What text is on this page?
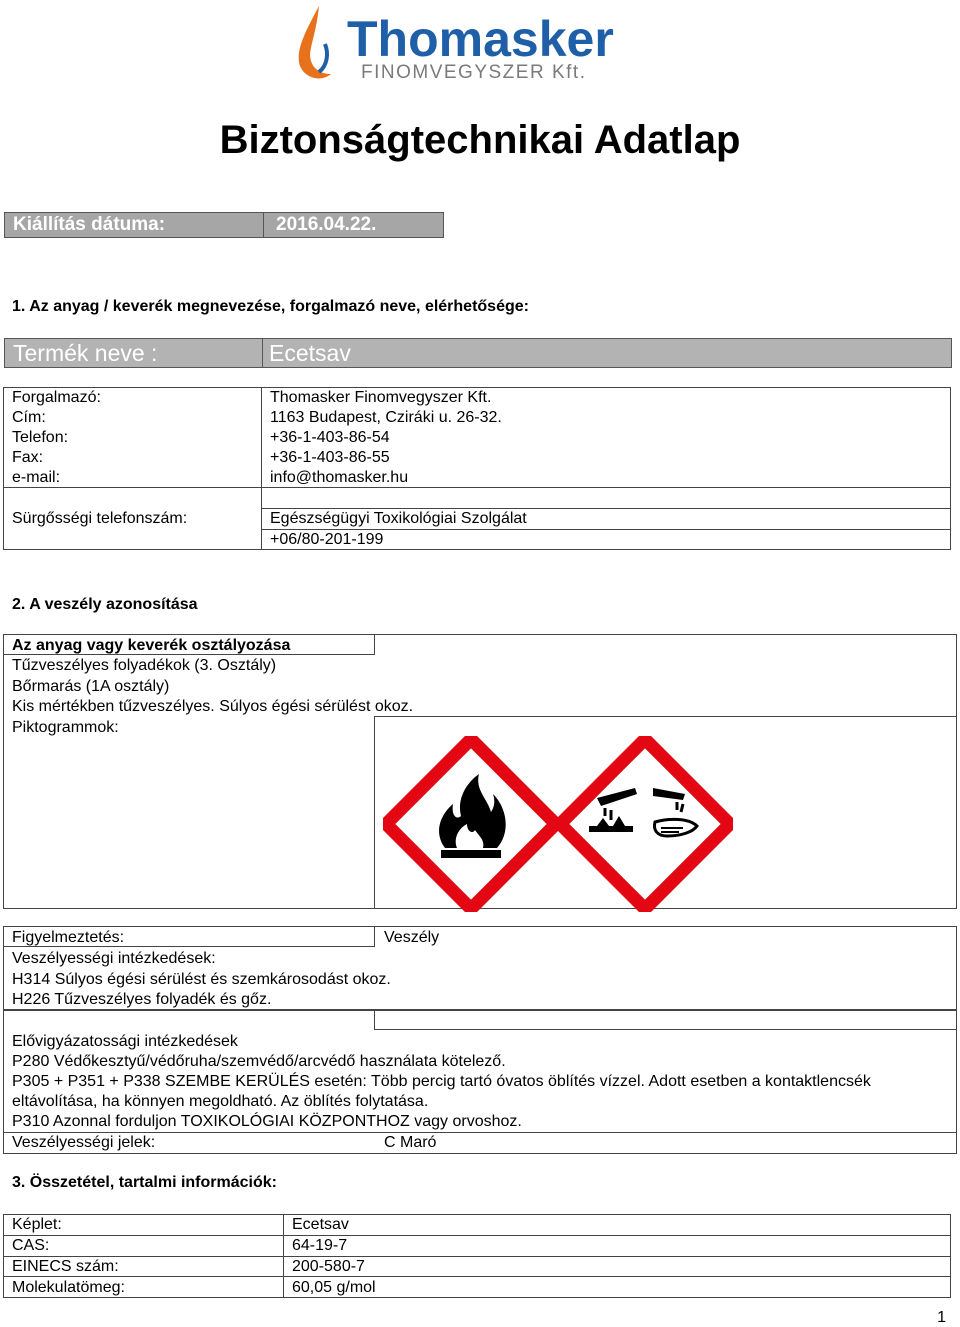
Thomasker
FINOMVEGYSZER Kft.
Biztonságtechnikai Adatlap
Kiállítás dátuma:	2016.04.22.
1. Az anyag / keverék megnevezése, forgalmazó neve, elérhetősége:
Termék neve :	Ecetsav
Forgalmazó:	Thomasker Finomvegyszer Kft.
Cím:	1163 Budapest, Cziráki u. 26-32.
Telefon:	+36-1-403-86-54
Fax:	+36-1-403-86-55
e-mail:	info@thomasker.hu

Sürgősségi telefonszám:	Egészségügyi Toxikológiai Szolgálat
	+06/80-201-199
2. A veszély azonosítása
Az anyag vagy keverék osztályozása
Tűzveszélyes folyadékok (3. Osztály)
Bőrmarás (1A osztály)
Kis mértékben tűzveszélyes. Súlyos égési sérülést okoz.
Piktogrammok:
Figyelmeztetés:	Veszély
Veszélyességi intézkedések:
H314 Súlyos égési sérülést és szemkárosodást okoz.
H226 Tűzveszélyes folyadék és gőz.
Elővigyázatossági intézkedések
P280 Védőkesztyű/védőruha/szemvédő/arcvédő használata kötelező.
P305 + P351 + P338 SZEMBE KERÜLÉS esetén: Több percig tartó óvatos öblítés vízzel. Adott esetben a kontaktlencsék
eltávolítása, ha könnyen megoldható. Az öblítés folytatása.
P310 Azonnal forduljon TOXIKOLÓGIAI KÖZPONTHOZ vagy orvoshoz.
Veszélyességi jelek:	C Maró
3. Összetétel, tartalmi információk:
Képlet:	Ecetsav
CAS:	64-19-7
EINECS szám:	200-580-7
Molekulatömeg:	60,05 g/mol
1
